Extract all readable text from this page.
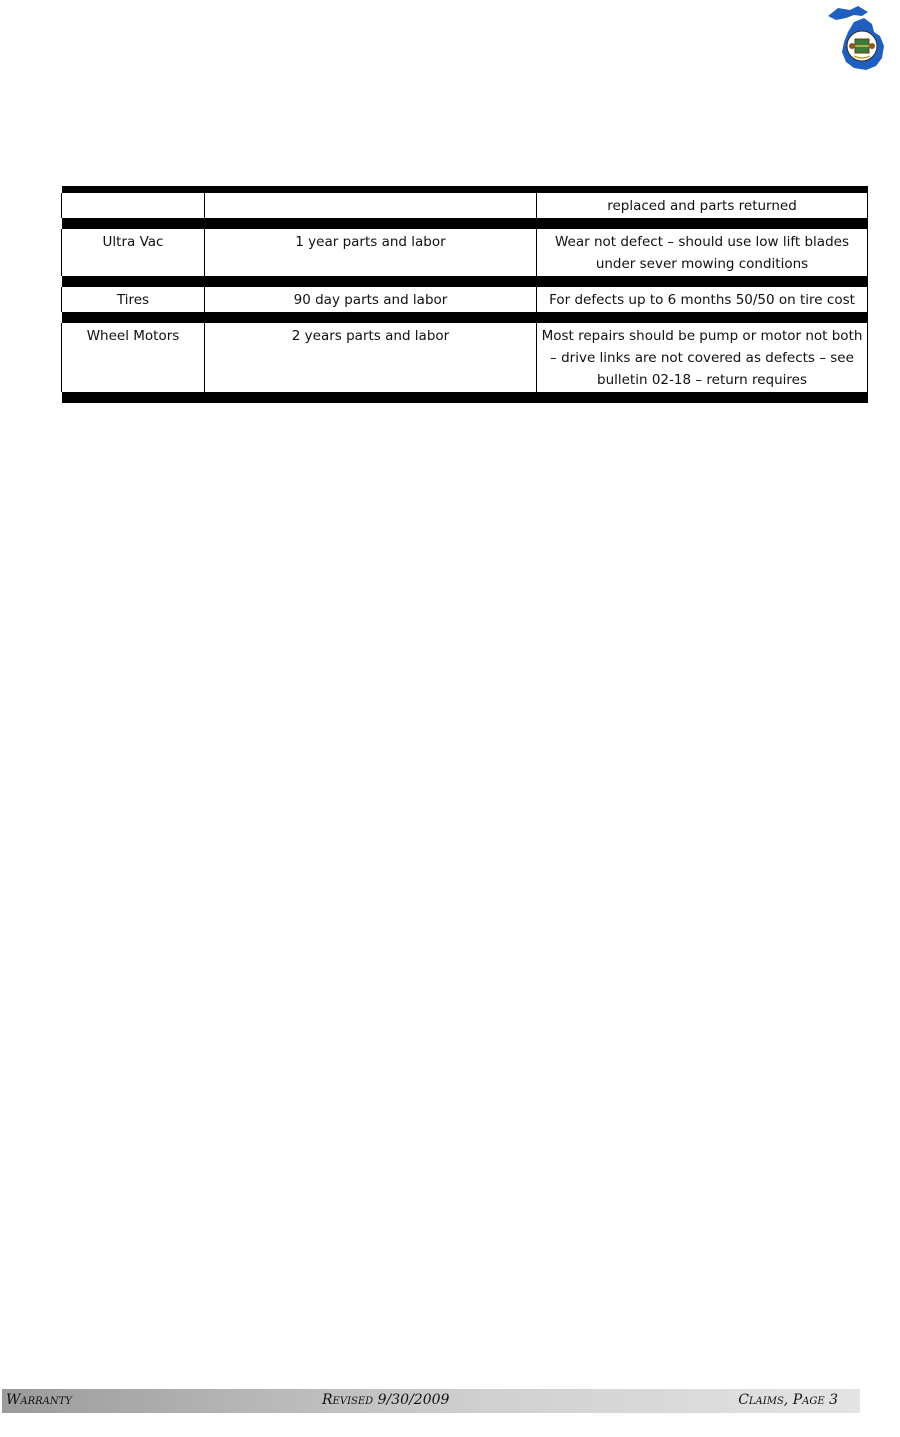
		replaced and parts returned

Ultra Vac	1 year parts and labor	Wear not defect – should use low lift blades under sever mowing conditions

Tires	90 day parts and labor	For defects up to 6 months 50/50 on tire cost

Wheel Motors	2 years parts and labor	Most repairs should be pump or motor not both – drive links are not covered as defects – see bulletin 02-18 – return requires

Warranty	Revised 9/30/2009	Claims, Page 3
